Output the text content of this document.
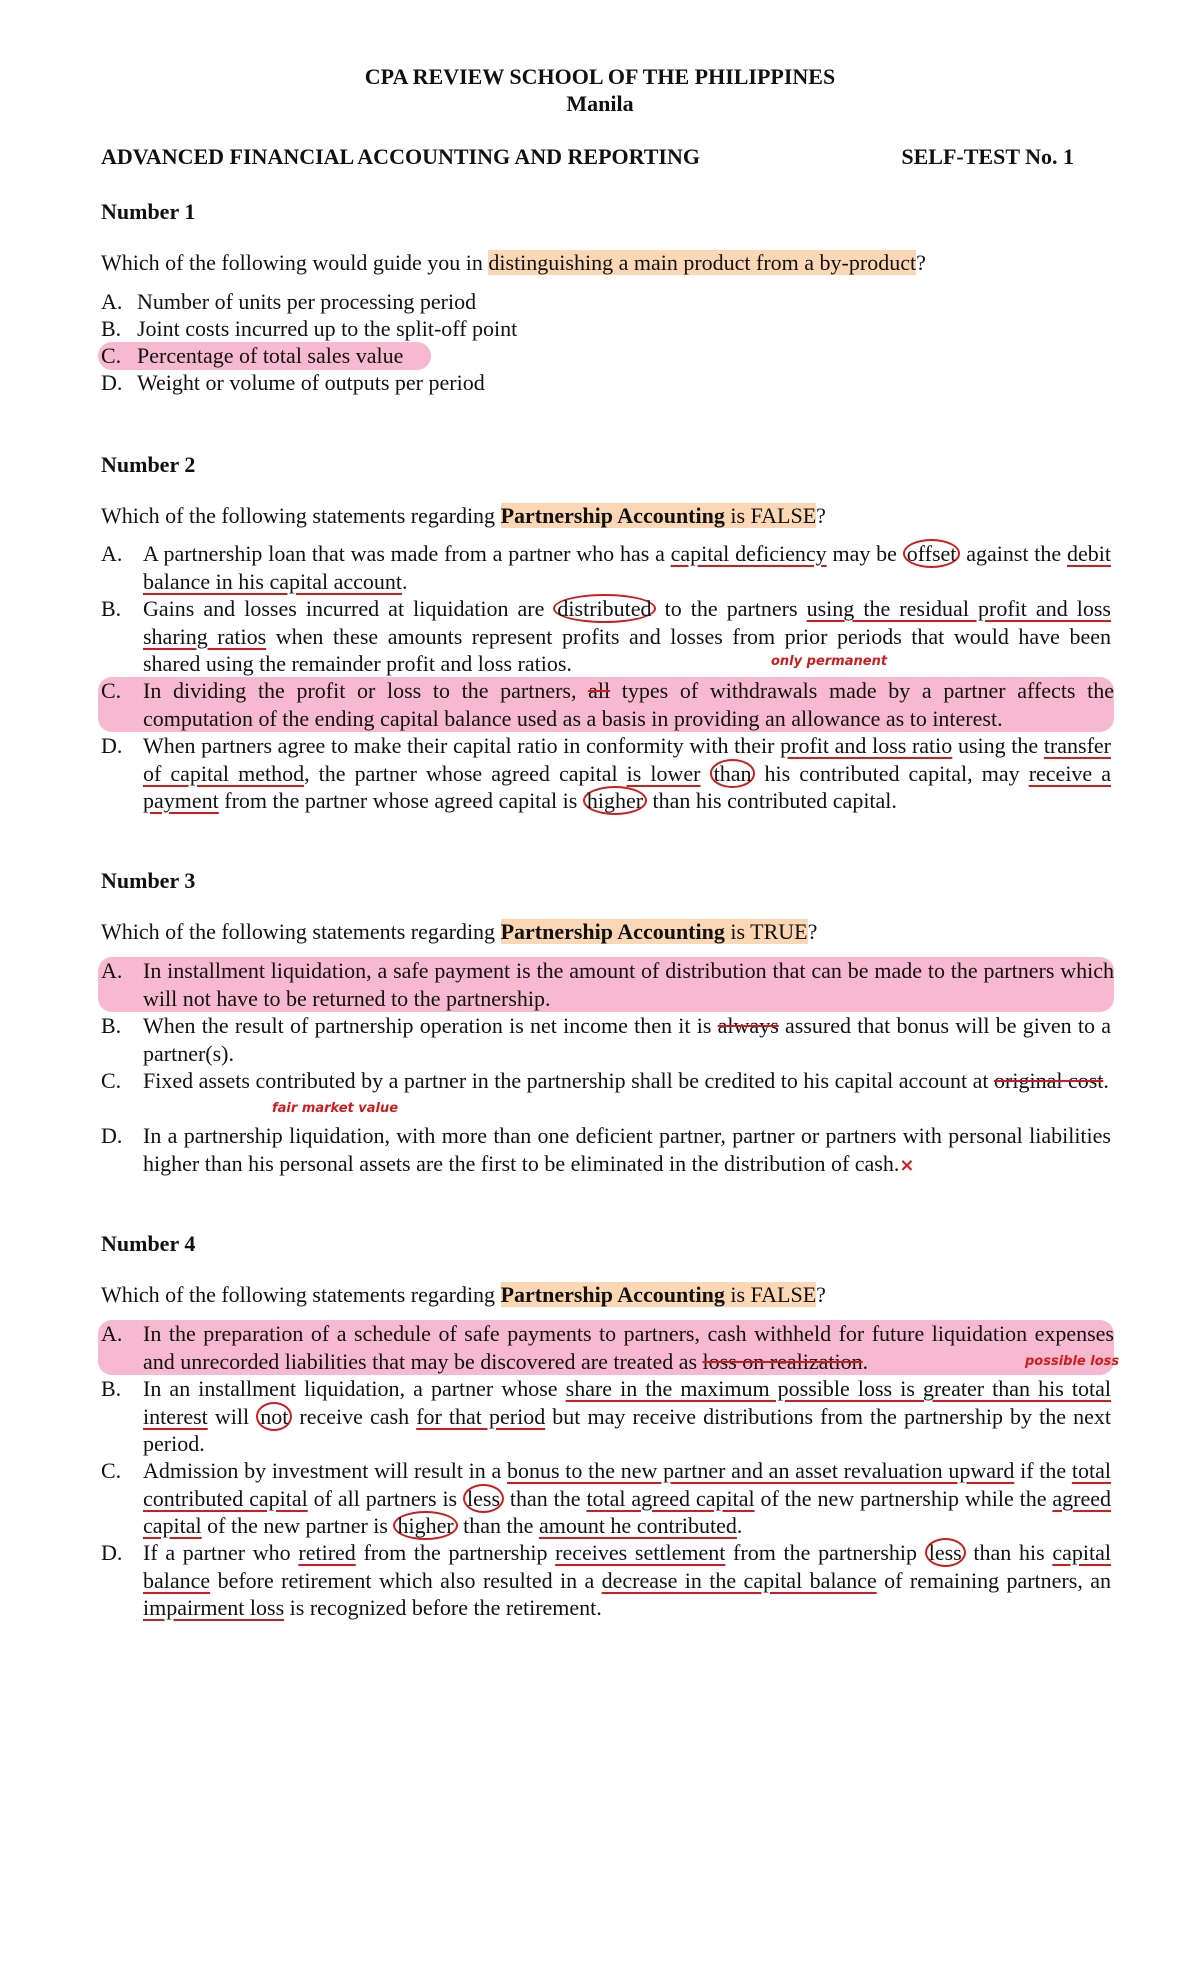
CPA REVIEW SCHOOL OF THE PHILIPPINES
Manila
ADVANCED FINANCIAL ACCOUNTING AND REPORTING	SELF-TEST No. 1
Number 1
Which of the following would guide you in distinguishing a main product from a by-product?
A. Number of units per processing period
B. Joint costs incurred up to the split-off point
C. Percentage of total sales value
D. Weight or volume of outputs per period
Number 2
Which of the following statements regarding Partnership Accounting is FALSE?
A. A partnership loan that was made from a partner who has a capital deficiency may be offset against the debit balance in his capital account.
B. Gains and losses incurred at liquidation are distributed to the partners using the residual profit and loss sharing ratios when these amounts represent profits and losses from prior periods that would have been shared using the remainder profit and loss ratios.	only permanent
C. In dividing the profit or loss to the partners, all types of withdrawals made by a partner affects the computation of the ending capital balance used as a basis in providing an allowance as to interest.
D. When partners agree to make their capital ratio in conformity with their profit and loss ratio using the transfer of capital method, the partner whose agreed capital is lower than his contributed capital, may receive a payment from the partner whose agreed capital is higher than his contributed capital.
Number 3
Which of the following statements regarding Partnership Accounting is TRUE?
A. In installment liquidation, a safe payment is the amount of distribution that can be made to the partners which will not have to be returned to the partnership.
B. When the result of partnership operation is net income then it is always assured that bonus will be given to a partner(s).
C. Fixed assets contributed by a partner in the partnership shall be credited to his capital account at original cost.
fair market value
D. In a partnership liquidation, with more than one deficient partner, partner or partners with personal liabilities higher than his personal assets are the first to be eliminated in the distribution of cash.×
Number 4
Which of the following statements regarding Partnership Accounting is FALSE?
A. In the preparation of a schedule of safe payments to partners, cash withheld for future liquidation expenses and unrecorded liabilities that may be discovered are treated as loss on realization.	possible loss
B. In an installment liquidation, a partner whose share in the maximum possible loss is greater than his total interest will not receive cash for that period but may receive distributions from the partnership by the next period.
C. Admission by investment will result in a bonus to the new partner and an asset revaluation upward if the total contributed capital of all partners is less than the total agreed capital of the new partnership while the agreed capital of the new partner is higher than the amount he contributed.
D. If a partner who retired from the partnership receives settlement from the partnership less than his capital balance before retirement which also resulted in a decrease in the capital balance of remaining partners, an impairment loss is recognized before the retirement.
